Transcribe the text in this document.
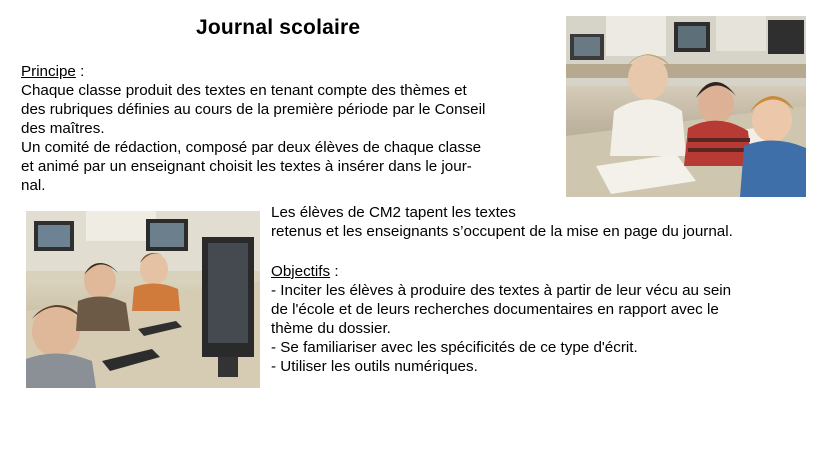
Journal scolaire
Principe :
Chaque classe produit des textes en tenant compte des thèmes et
des rubriques définies au cours de la première période par le Conseil
des maîtres.
Un comité de rédaction, composé par deux élèves de chaque classe
et animé par un enseignant choisit les textes à insérer dans le jour-
nal.
Les élèves de CM2 tapent les textes
retenus et les enseignants s’occupent de la mise en page du journal.
Objectifs :
- Inciter les élèves à produire des textes à partir de leur vécu au sein
de l'école et de leurs recherches documentaires en rapport avec le
thème du dossier.
- Se familiariser avec les spécificités de ce type d'écrit.
- Utiliser les outils numériques.
